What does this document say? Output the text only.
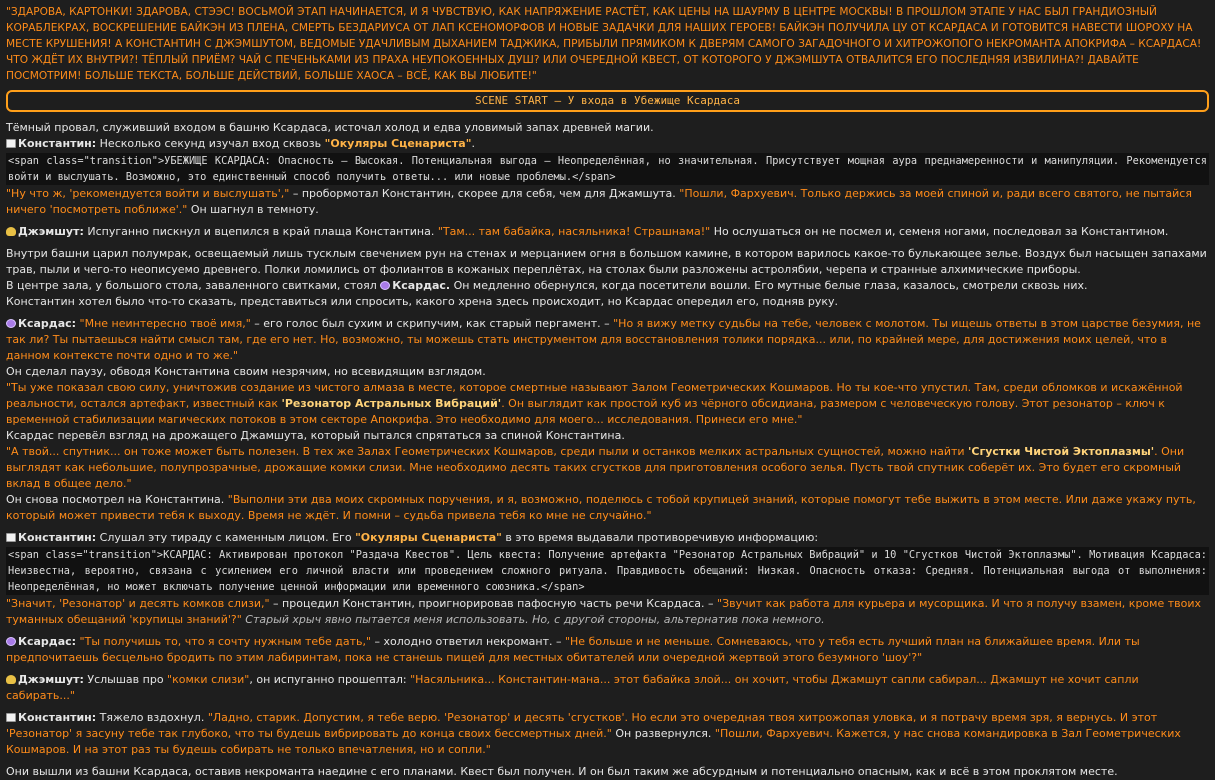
"ЗДАРОВА, КАРТОНКИ! ЗДАРОВА, СТЭЭС! ВОСЬМОЙ ЭТАП НАЧИНАЕТСЯ, И Я ЧУВСТВУЮ, КАК НАПРЯЖЕНИЕ РАСТЁТ, КАК ЦЕНЫ НА ШАУРМУ В ЦЕНТРЕ МОСКВЫ! В ПРОШЛОМ ЭТАПЕ У НАС БЫЛ ГРАНДИОЗНЫЙ КОРАБЛЕКРАХ, ВОСКРЕШЕНИЕ БАЙКЭН ИЗ ПЛЕНА, СМЕРТЬ БЕЗДАРИУСА ОТ ЛАП КСЕНОМОРФОВ И НОВЫЕ ЗАДАЧКИ ДЛЯ НАШИХ ГЕРОЕВ! БАЙКЭН ПОЛУЧИЛА ЦУ ОТ КСАРДАСА И ГОТОВИТСЯ НАВЕСТИ ШОРОХУ НА МЕСТЕ КРУШЕНИЯ! А КОНСТАНТИН С ДЖЭМШУТОМ, ВЕДОМЫЕ УДАЧЛИВЫМ ДЫХАНИЕМ ТАДЖИКА, ПРИБЫЛИ ПРЯМИКОМ К ДВЕРЯМ САМОГО ЗАГАДОЧНОГО И ХИТРОЖОПОГО НЕКРОМАНТА АПОКРИФА – КСАРДАСА! ЧТО ЖДЁТ ИХ ВНУТРИ?! ТЁПЛЫЙ ПРИЁМ? ЧАЙ С ПЕЧЕНЬКАМИ ИЗ ПРАХА НЕУПОКОЕННЫХ ДУШ? ИЛИ ОЧЕРЕДНОЙ КВЕСТ, ОТ КОТОРОГО У ДЖЭМШУТА ОТВАЛИТСЯ ЕГО ПОСЛЕДНЯЯ ИЗВИЛИНА?! ДАВАЙТЕ ПОСМОТРИМ! БОЛЬШЕ ТЕКСТА, БОЛЬШЕ ДЕЙСТВИЙ, БОЛЬШЕ ХАОСА – ВСЁ, КАК ВЫ ЛЮБИТЕ!"

SCENE START – У входа в Убежище Ксардаса

Тёмный провал, служивший входом в башню Ксардаса, источал холод и едва уловимый запах древней магии.

Константин: Несколько секунд изучал вход сквозь "Окуляры Сценариста".

<span class="transition">УБЕЖИЩЕ КСАРДАСА: Опасность – Высокая. Потенциальная выгода – Неопределённая, но значительная. Присутствует мощная аура преднамеренности и манипуляции. Рекомендуется войти и выслушать. Возможно, это единственный способ получить ответы... или новые проблемы.</span>

"Ну что ж, 'рекомендуется войти и выслушать'," – пробормотал Константин, скорее для себя, чем для Джамшута. "Пошли, Фархуевич. Только держись за моей спиной и, ради всего святого, не пытайся ничего 'посмотреть поближе'." Он шагнул в темноту.

Джэмшут: Испуганно пискнул и вцепился в край плаща Константина. "Там... там бабайка, насяльника! Страшнама!" Но ослушаться он не посмел и, семеня ногами, последовал за Константином.

Внутри башни царил полумрак, освещаемый лишь тусклым свечением рун на стенах и мерцанием огня в большом камине, в котором варилось какое-то булькающее зелье. Воздух был насыщен запахами трав, пыли и чего-то неописуемо древнего. Полки ломились от фолиантов в кожаных переплётах, на столах были разложены астролябии, черепа и странные алхимические приборы.

В центре зала, у большого стола, заваленного свитками, стоял Ксардас. Он медленно обернулся, когда посетители вошли. Его мутные белые глаза, казалось, смотрели сквозь них.

Константин хотел было что-то сказать, представиться или спросить, какого хрена здесь происходит, но Ксардас опередил его, подняв руку.

Ксардас: "Мне неинтересно твоё имя," – его голос был сухим и скрипучим, как старый пергамент. – "Но я вижу метку судьбы на тебе, человек с молотом. Ты ищешь ответы в этом царстве безумия, не так ли? Ты пытаешься найти смысл там, где его нет. Но, возможно, ты можешь стать инструментом для восстановления толики порядка... или, по крайней мере, для достижения моих целей, что в данном контексте почти одно и то же."

Он сделал паузу, обводя Константина своим незрячим, но всевидящим взглядом.

"Ты уже показал свою силу, уничтожив создание из чистого алмаза в месте, которое смертные называют Залом Геометрических Кошмаров. Но ты кое-что упустил. Там, среди обломков и искажённой реальности, остался артефакт, известный как 'Резонатор Астральных Вибраций'. Он выглядит как простой куб из чёрного обсидиана, размером с человеческую голову. Этот резонатор – ключ к временной стабилизации магических потоков в этом секторе Апокрифа. Это необходимо для моего... исследования. Принеси его мне."

Ксардас перевёл взгляд на дрожащего Джамшута, который пытался спрятаться за спиной Константина.

"А твой... спутник... он тоже может быть полезен. В тех же Залах Геометрических Кошмаров, среди пыли и останков мелких астральных сущностей, можно найти 'Сгустки Чистой Эктоплазмы'. Они выглядят как небольшие, полупрозрачные, дрожащие комки слизи. Мне необходимо десять таких сгустков для приготовления особого зелья. Пусть твой спутник соберёт их. Это будет его скромный вклад в общее дело."

Он снова посмотрел на Константина. "Выполни эти два моих скромных поручения, и я, возможно, поделюсь с тобой крупицей знаний, которые помогут тебе выжить в этом месте. Или даже укажу путь, который может привести тебя к выходу. Время не ждёт. И помни – судьба привела тебя ко мне не случайно."

Константин: Слушал эту тираду с каменным лицом. Его "Окуляры Сценариста" в это время выдавали противоречивую информацию:

<span class="transition">КСАРДАС: Активирован протокол "Раздача Квестов". Цель квеста: Получение артефакта "Резонатор Астральных Вибраций" и 10 "Сгустков Чистой Эктоплазмы". Мотивация Ксардаса: Неизвестна, вероятно, связана с усилением его личной власти или проведением сложного ритуала. Правдивость обещаний: Низкая. Опасность отказа: Средняя. Потенциальная выгода от выполнения: Неопределённая, но может включать получение ценной информации или временного союзника.</span>

"Значит, 'Резонатор' и десять комков слизи," – процедил Константин, проигнорировав пафосную часть речи Ксардаса. – "Звучит как работа для курьера и мусорщика. И что я получу взамен, кроме твоих туманных обещаний 'крупицы знаний'?" Старый хрыч явно пытается меня использовать. Но, с другой стороны, альтернатив пока немного.

Ксардас: "Ты получишь то, что я сочту нужным тебе дать," – холодно ответил некромант. – "Не больше и не меньше. Сомневаюсь, что у тебя есть лучший план на ближайшее время. Или ты предпочитаешь бесцельно бродить по этим лабиринтам, пока не станешь пищей для местных обитателей или очередной жертвой этого безумного 'шоу'?"

Джэмшут: Услышав про "комки слизи", он испуганно прошептал: "Насяльника... Константин-мана... этот бабайка злой... он хочит, чтобы Джамшут сапли сабирал... Джамшут не хочит сапли сабирать..."

Константин: Тяжело вздохнул. "Ладно, старик. Допустим, я тебе верю. 'Резонатор' и десять 'сгустков'. Но если это очередная твоя хитрожопая уловка, и я потрачу время зря, я вернусь. И этот 'Резонатор' я засуну тебе так глубоко, что ты будешь вибрировать до конца своих бессмертных дней." Он развернулся. "Пошли, Фархуевич. Кажется, у нас снова командировка в Зал Геометрических Кошмаров. И на этот раз ты будешь собирать не только впечатления, но и сопли."

Они вышли из башни Ксардаса, оставив некроманта наедине с его планами. Квест был получен. И он был таким же абсурдным и потенциально опасным, как и всё в этом проклятом месте.
